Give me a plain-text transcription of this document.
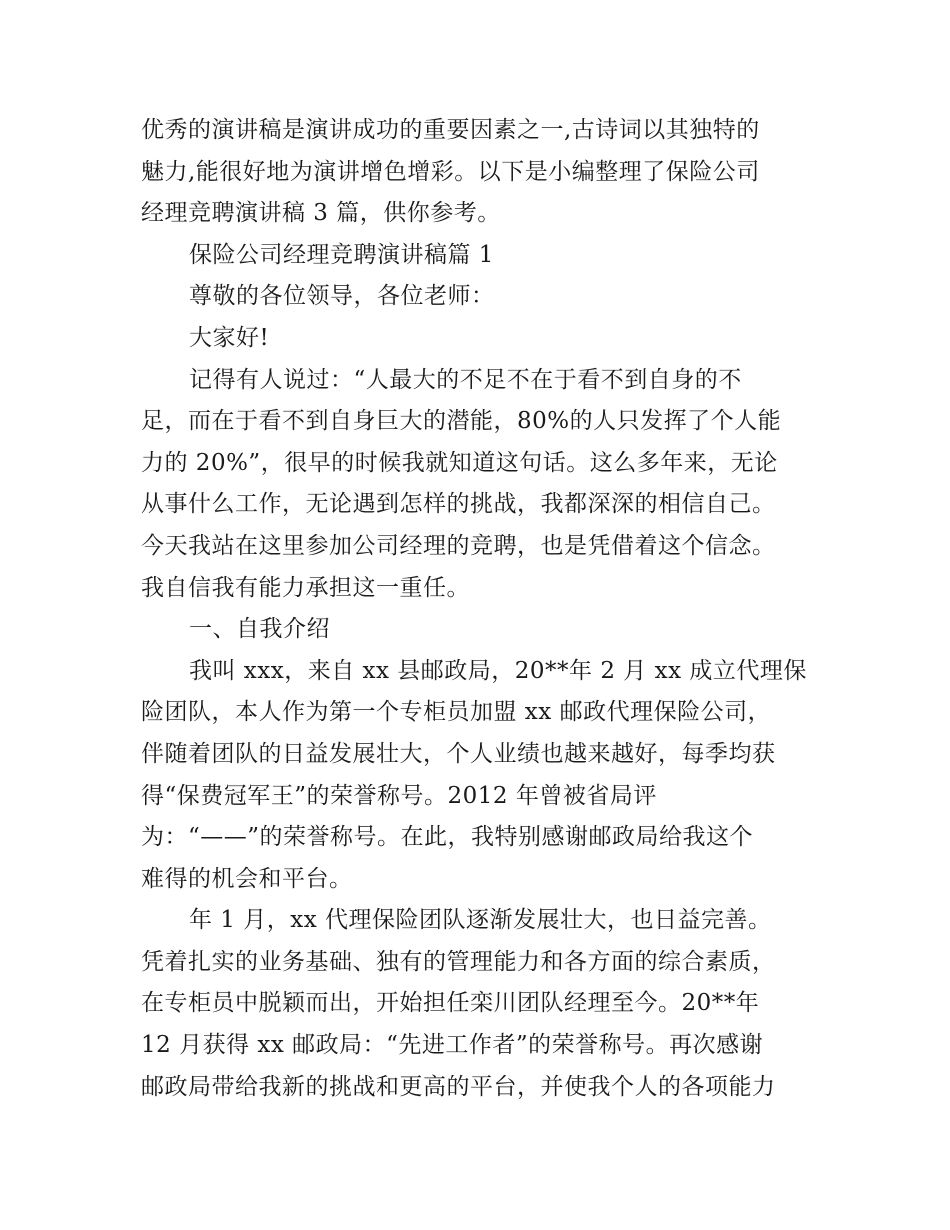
优秀的演讲稿是演讲成功的重要因素之一,古诗词以其独特的
魅力,能很好地为演讲增色增彩。以下是小编整理了保险公司
经理竞聘演讲稿 3 篇，供你参考。
保险公司经理竞聘演讲稿篇 1
尊敬的各位领导，各位老师：
大家好!
记得有人说过：“人最大的不足不在于看不到自身的不
足，而在于看不到自身巨大的潜能，80%的人只发挥了个人能
力的 20%”，很早的时候我就知道这句话。这么多年来，无论
从事什么工作，无论遇到怎样的挑战，我都深深的相信自己。
今天我站在这里参加公司经理的竞聘，也是凭借着这个信念。
我自信我有能力承担这一重任。
一、自我介绍
我叫 xxx，来自 xx 县邮政局，20**年 2 月 xx 成立代理保
险团队，本人作为第一个专柜员加盟 xx 邮政代理保险公司，
伴随着团队的日益发展壮大，个人业绩也越来越好，每季均获
得“保费冠军王”的荣誉称号。2012 年曾被省局评
为：“——”的荣誉称号。在此，我特别感谢邮政局给我这个
难得的机会和平台。
年 1 月，xx 代理保险团队逐渐发展壮大，也日益完善。
凭着扎实的业务基础、独有的管理能力和各方面的综合素质，
在专柜员中脱颖而出，开始担任栾川团队经理至今。20**年
12 月获得 xx 邮政局：“先进工作者”的荣誉称号。再次感谢
邮政局带给我新的挑战和更高的平台，并使我个人的各项能力
